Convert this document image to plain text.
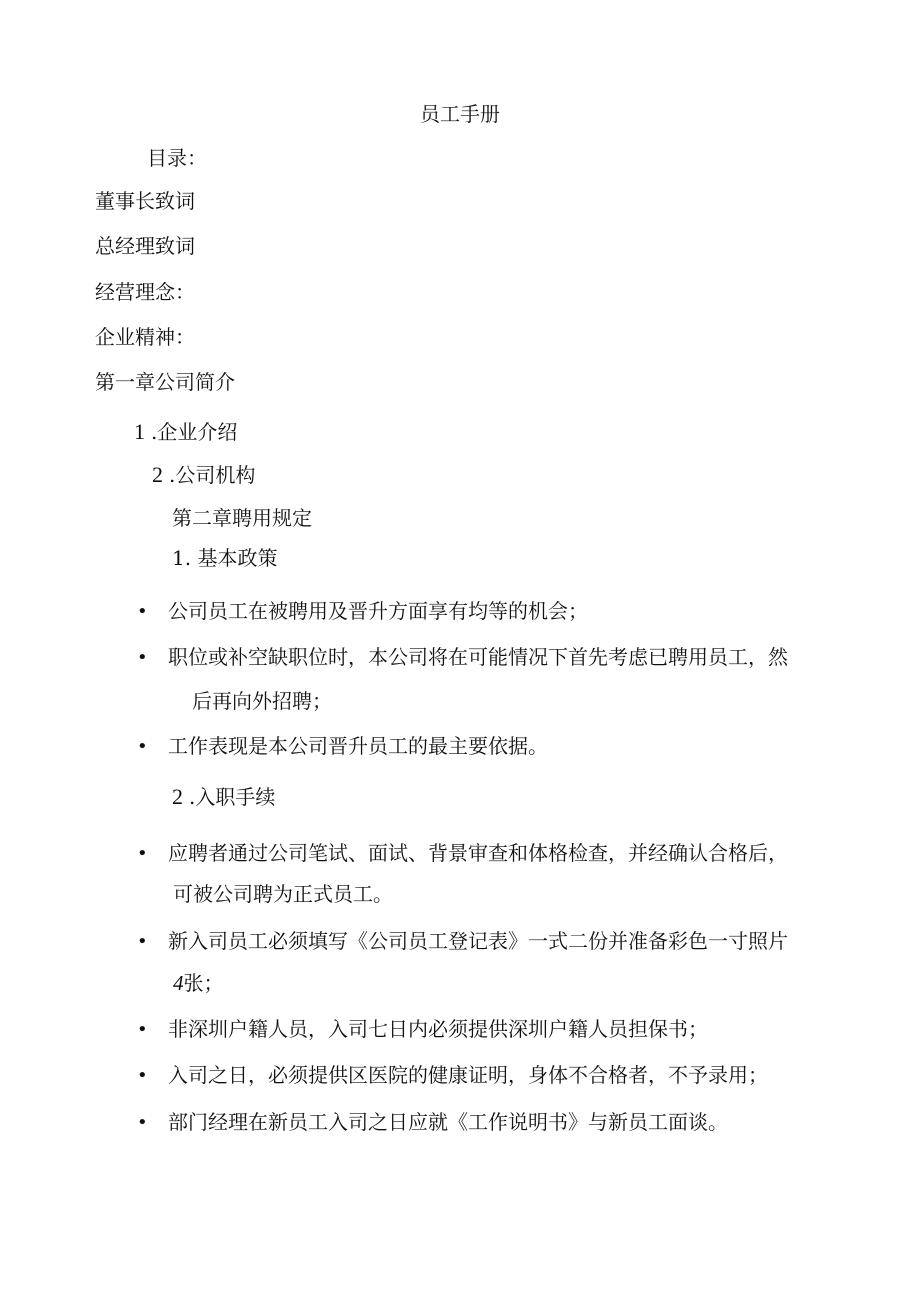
员工手册
目录：
董事长致词
总经理致词
经营理念：
企业精神：
第一章公司简介
1 .企业介绍
2 .公司机构
第二章聘用规定
1. 基本政策
• 公司员工在被聘用及晋升方面享有均等的机会；
• 职位或补空缺职位时，本公司将在可能情况下首先考虑已聘用员工，然
后再向外招聘；
• 工作表现是本公司晋升员工的最主要依据。
2 .入职手续
• 应聘者通过公司笔试、面试、背景审查和体格检查，并经确认合格后，
可被公司聘为正式员工。
• 新入司员工必须填写《公司员工登记表》一式二份并准备彩色一寸照片
4张；
• 非深圳户籍人员，入司七日内必须提供深圳户籍人员担保书；
• 入司之日，必须提供区医院的健康证明，身体不合格者，不予录用；
• 部门经理在新员工入司之日应就《工作说明书》与新员工面谈。
